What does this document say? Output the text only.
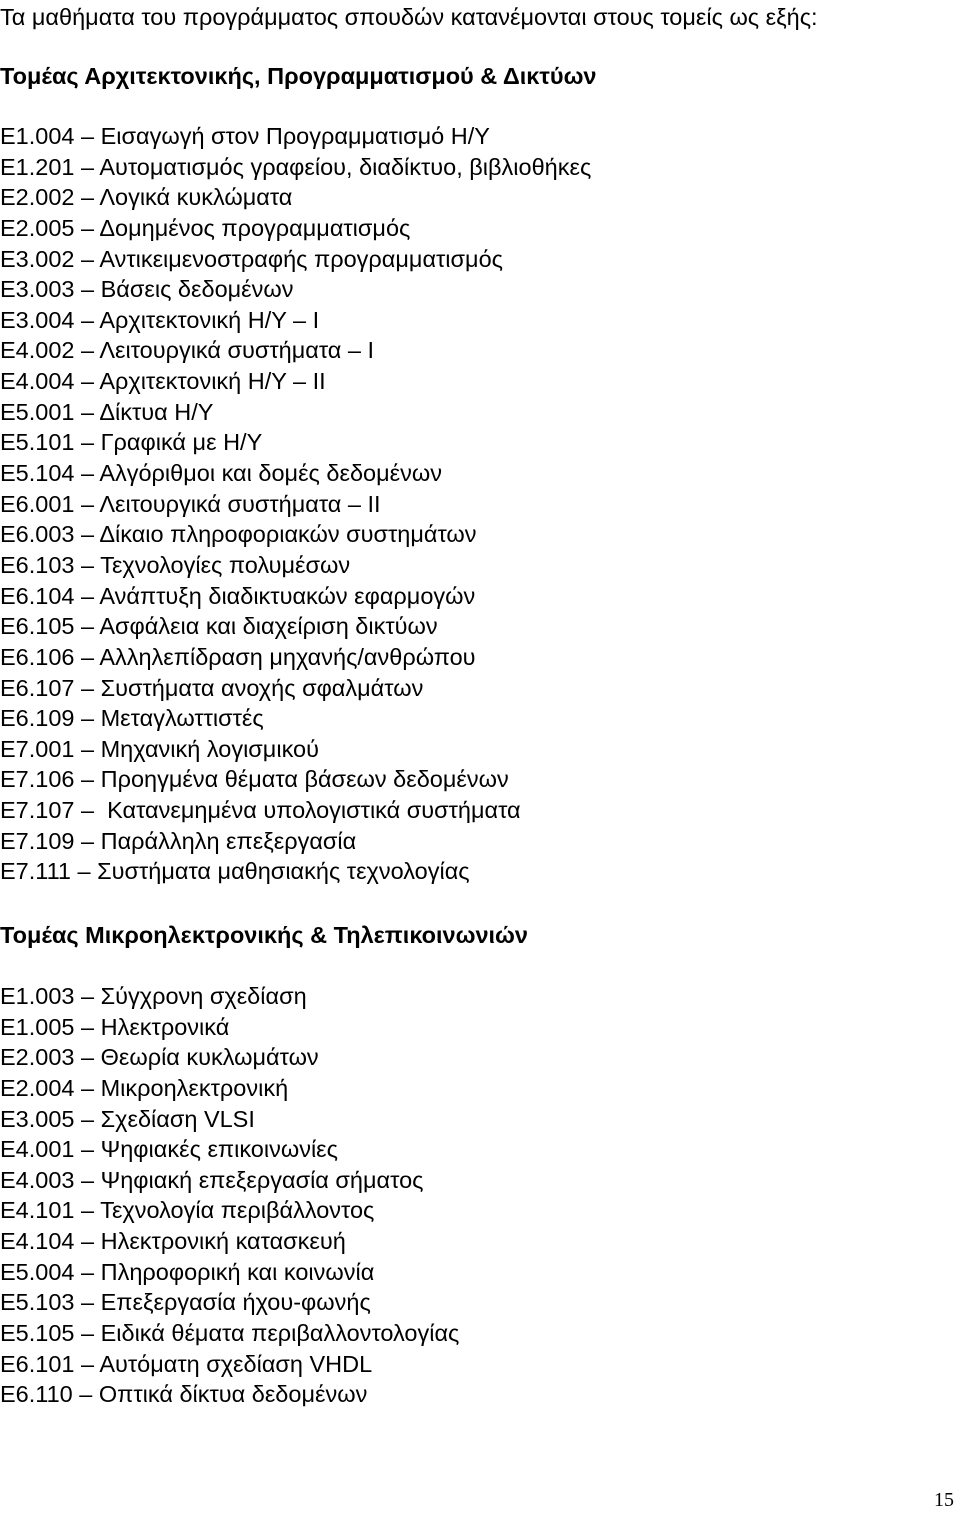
Τα μαθήματα του προγράμματος σπουδών κατανέμονται στους τομείς ως εξής:
Τομέας Αρχιτεκτονικής, Προγραμματισμού & Δικτύων
Ε1.004 – Εισαγωγή στον Προγραμματισμό Η/Υ
Ε1.201 – Αυτοματισμός γραφείου, διαδίκτυο, βιβλιοθήκες
Ε2.002 – Λογικά κυκλώματα
Ε2.005 – Δομημένος προγραμματισμός
Ε3.002 – Αντικειμενοστραφής προγραμματισμός
Ε3.003 – Βάσεις δεδομένων
Ε3.004 – Αρχιτεκτονική Η/Υ – Ι
Ε4.002 – Λειτουργικά συστήματα – Ι
Ε4.004 – Αρχιτεκτονική Η/Υ – ΙΙ
Ε5.001 – Δίκτυα Η/Υ
Ε5.101 – Γραφικά με Η/Υ
Ε5.104 – Αλγόριθμοι και δομές δεδομένων
Ε6.001 – Λειτουργικά συστήματα – ΙΙ
Ε6.003 – Δίκαιο πληροφοριακών συστημάτων
Ε6.103 – Τεχνολογίες πολυμέσων
Ε6.104 – Ανάπτυξη διαδικτυακών εφαρμογών
Ε6.105 – Ασφάλεια και διαχείριση δικτύων
Ε6.106 – Αλληλεπίδραση μηχανής/ανθρώπου
Ε6.107 – Συστήματα ανοχής σφαλμάτων
Ε6.109 – Μεταγλωττιστές
Ε7.001 – Μηχανική λογισμικού
Ε7.106 – Προηγμένα θέματα βάσεων δεδομένων
Ε7.107 –  Κατανεμημένα υπολογιστικά συστήματα
Ε7.109 – Παράλληλη επεξεργασία
Ε7.111 – Συστήματα μαθησιακής τεχνολογίας
Τομέας Μικροηλεκτρονικής & Τηλεπικοινωνιών
Ε1.003 – Σύγχρονη σχεδίαση
Ε1.005 – Ηλεκτρονικά
Ε2.003 – Θεωρία κυκλωμάτων
Ε2.004 – Μικροηλεκτρονική
Ε3.005 – Σχεδίαση VLSI
Ε4.001 – Ψηφιακές επικοινωνίες
Ε4.003 – Ψηφιακή επεξεργασία σήματος
Ε4.101 – Τεχνολογία περιβάλλοντος
Ε4.104 – Ηλεκτρονική κατασκευή
Ε5.004 – Πληροφορική και κοινωνία
Ε5.103 – Επεξεργασία ήχου-φωνής
Ε5.105 – Ειδικά θέματα περιβαλλοντολογίας
Ε6.101 – Αυτόματη σχεδίαση VHDL
Ε6.110 – Οπτικά δίκτυα δεδομένων
15
